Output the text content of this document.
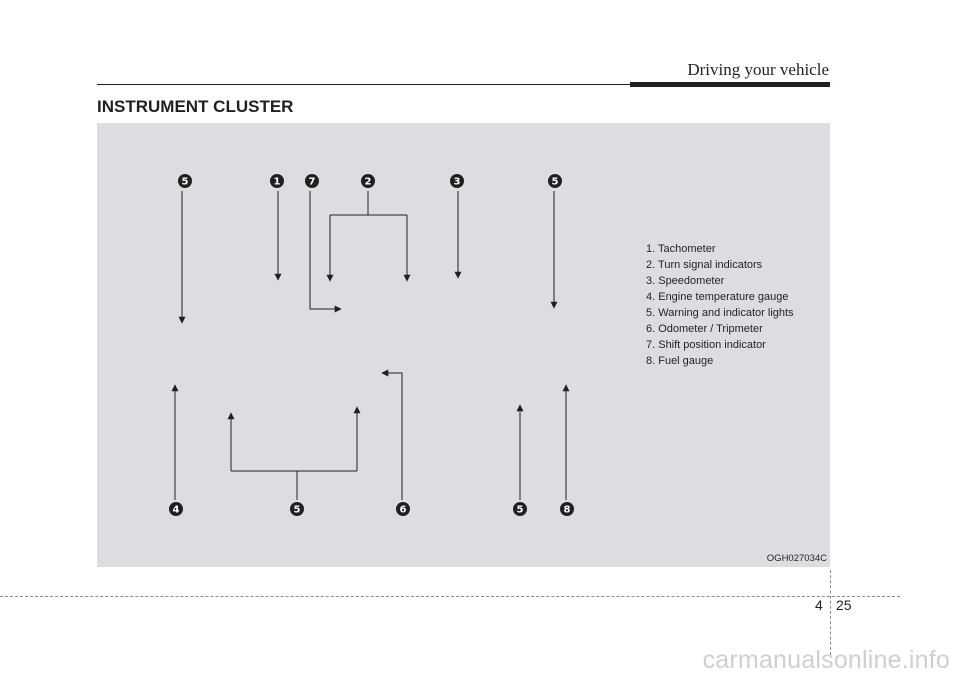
Driving your vehicle
INSTRUMENT CLUSTER
5	1	7	2	3	5
4	5	6	5	8
1. Tachometer
2. Turn signal indicators
3. Speedometer
4. Engine temperature gauge
5. Warning and indicator lights
6. Odometer / Tripmeter
7. Shift position indicator
8. Fuel gauge
OGH027034C
4 25
carmanualsonline.info
